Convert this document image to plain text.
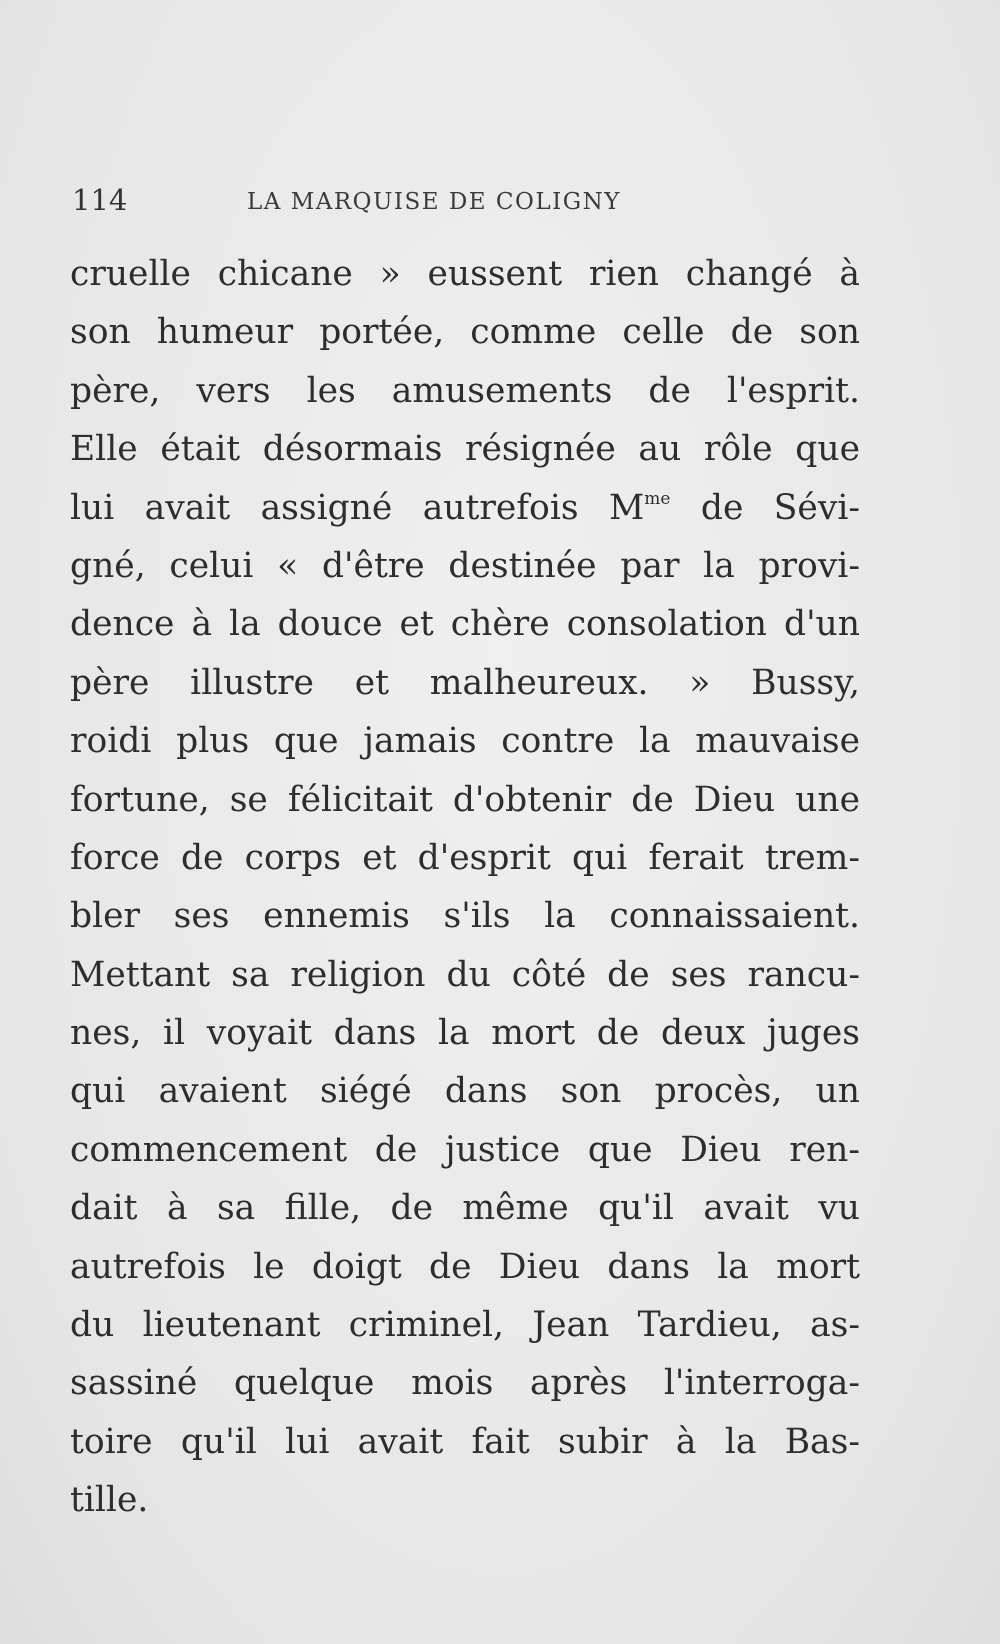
114	LA MARQUISE DE COLIGNY
cruelle chicane » eussent rien changé à
son humeur portée, comme celle de son
père, vers les amusements de l'esprit.
Elle était désormais résignée au rôle que
lui avait assigné autrefois $M^{me}$ de Sévi-
gné, celui « d'être destinée par la provi-
dence à la douce et chère consolation d'un
père illustre et malheureux. » Bussy,
roidi plus que jamais contre la mauvaise
fortune, se félicitait d'obtenir de Dieu une
force de corps et d'esprit qui ferait trem-
bler ses ennemis s'ils la connaissaient.
Mettant sa religion du côté de ses rancu-
nes, il voyait dans la mort de deux juges
qui avaient siégé dans son procès, un
commencement de justice que Dieu ren-
dait à sa fille, de même qu'il avait vu
autrefois le doigt de Dieu dans la mort
du lieutenant criminel, Jean Tardieu, as-
sassiné quelque mois après l'interroga-
toire qu'il lui avait fait subir à la Bas-
tille.
